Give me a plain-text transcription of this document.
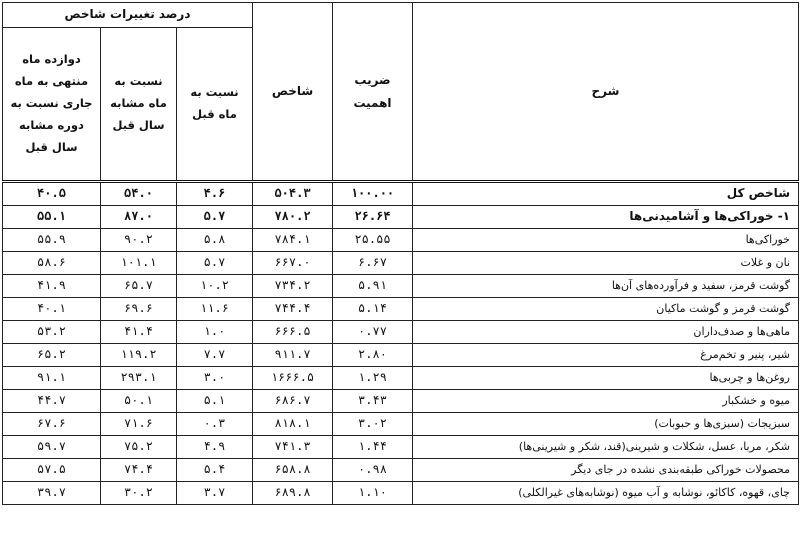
شرح	ضریب اهمیت	شاخص	درصد تغییرات شاخص		
			نسبت به ماه قبل	نسبت به ماه مشابه سال قبل	دوازده ماه منتهی به ماه جاری نسبت به دوره مشابه سال قبل
شاخص کل	۱۰۰.۰۰	۵۰۴.۳	۴.۶	۵۴.۰	۴۰.۵
۱- خوراکی‌ها و آشامیدنی‌ها	۲۶.۶۴	۷۸۰.۲	۵.۷	۸۷.۰	۵۵.۱
خوراکی‌ها	۲۵.۵۵	۷۸۴.۱	۵.۸	۹۰.۲	۵۵.۹
نان و غلات	۶.۶۷	۶۶۷.۰	۵.۷	۱۰۱.۱	۵۸.۶
گوشت قرمز، سفید و فرآورده‌های آن‌ها	۵.۹۱	۷۳۴.۲	۱۰.۲	۶۵.۷	۴۱.۹
گوشت قرمز و گوشت ماکیان	۵.۱۴	۷۴۴.۴	۱۱.۶	۶۹.۶	۴۰.۱
ماهی‌ها و صدف‌داران	۰.۷۷	۶۶۶.۵	۱.۰	۴۱.۴	۵۳.۲
شیر، پنیر و تخم‌مرغ	۲.۸۰	۹۱۱.۷	۷.۷	۱۱۹.۲	۶۵.۲
روغن‌ها و چربی‌ها	۱.۲۹	۱۶۶۶.۵	۳.۰	۲۹۳.۱	۹۱.۱
میوه و خشکبار	۳.۴۳	۶۸۶.۷	۵.۱	۵۰.۱	۴۴.۷
سبزیجات (سبزی‌ها و حبوبات)	۳.۰۲	۸۱۸.۱	۰.۳	۷۱.۶	۶۷.۶
شکر، مربا، عسل، شکلات و شیرینی(قند، شکر و شیرینی‌ها)	۱.۴۴	۷۴۱.۳	۴.۹	۷۵.۲	۵۹.۷
محصولات خوراکی طبقه‌بندی نشده در جای دیگر	۰.۹۸	۶۵۸.۸	۵.۴	۷۴.۴	۵۷.۵
چای، قهوه، کاکائو، نوشابه و آب میوه (نوشابه‌های غیرالکلی)	۱.۱۰	۶۸۹.۸	۳.۷	۳۰.۲	۳۹.۷
